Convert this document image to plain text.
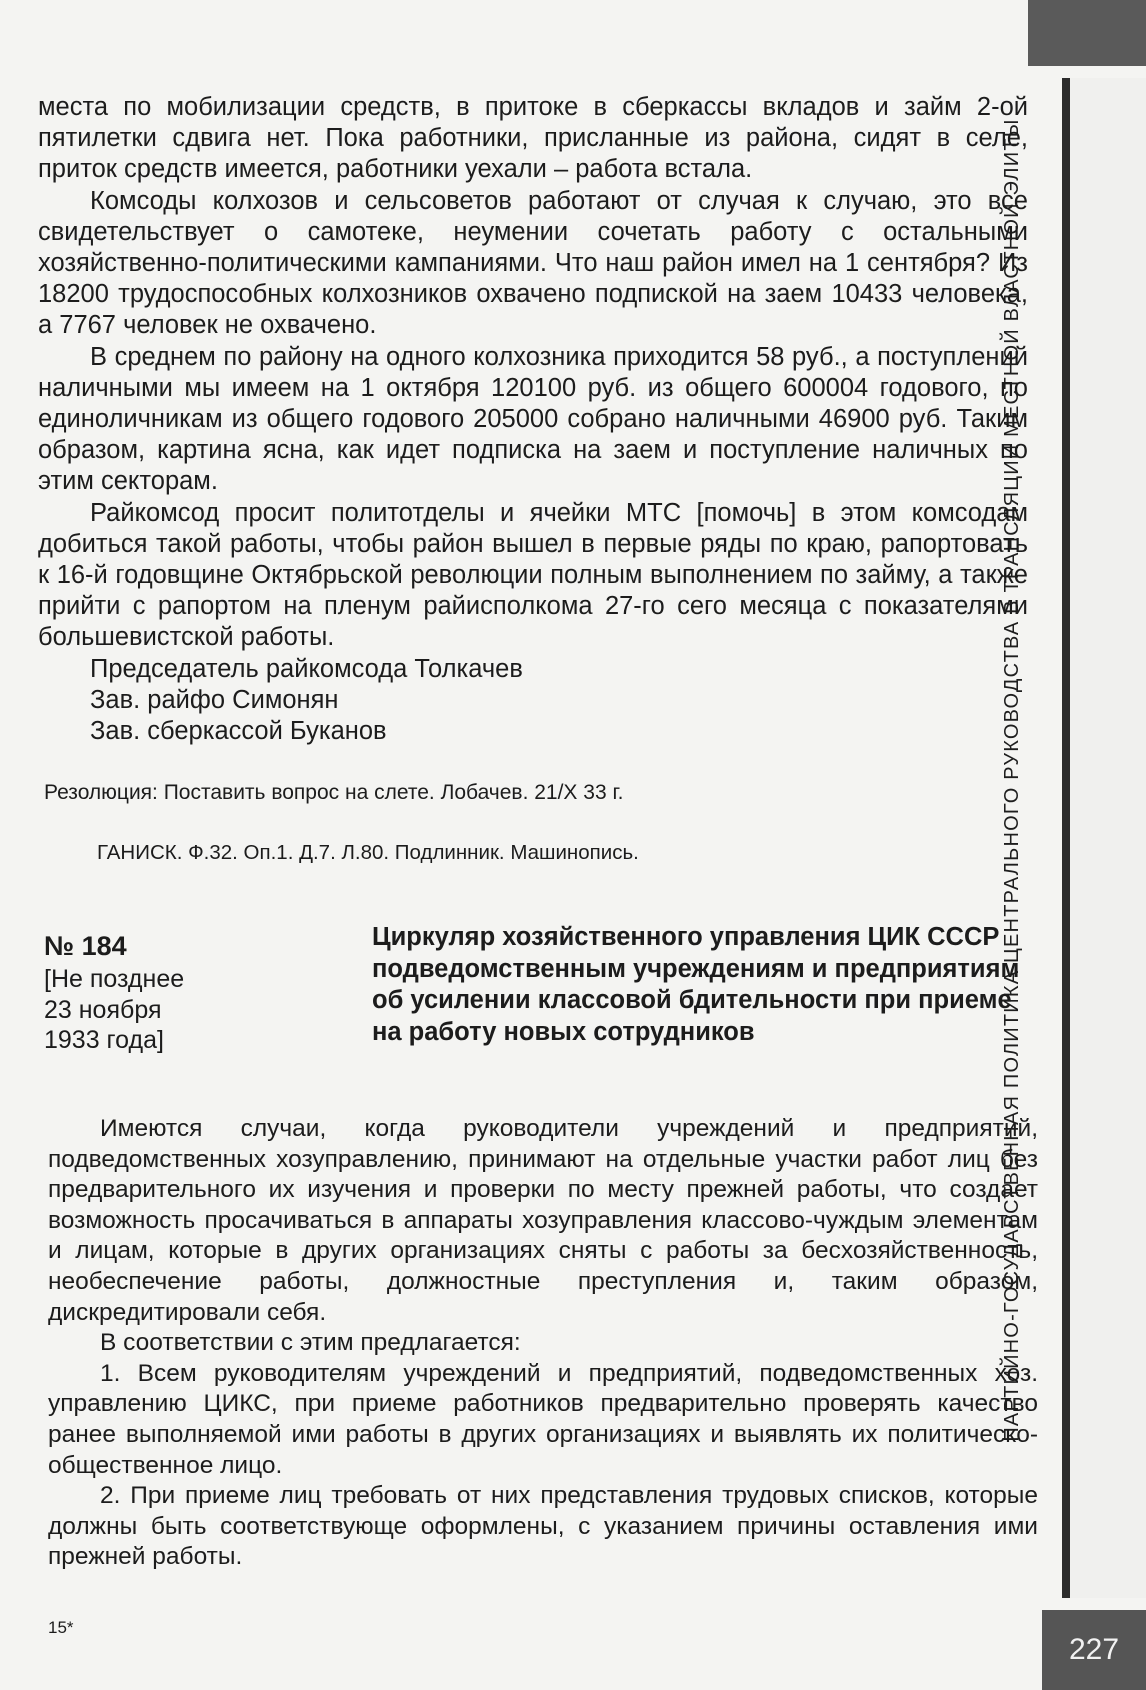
ПАРТИЙНО-ГОСУДАРСТВЕННАЯ ПОЛИТИКА ЦЕНТРАЛЬНОГО РУКОВОДСТВА В ТРАНСЛЯЦИИ МЕСТНОЙ ВЛАСТНОЙ ЭЛИТЫ
227

места по мобилизации средств, в притоке в сберкассы вкладов и займ 2-ой пятилетки сдвига нет. Пока работники, присланные из района, сидят в селе, приток средств имеется, работники уехали – работа встала.

Комсоды колхозов и сельсоветов работают от случая к случаю, это все свидетельствует о самотеке, неумении сочетать работу с остальными хозяйственно-политическими кампаниями. Что наш район имел на 1 сентября? Из 18200 трудоспособных колхозников охвачено подпиской на заем 10433 человека, а 7767 человек не охвачено.

В среднем по району на одного колхозника приходится 58 руб., а поступлений наличными мы имеем на 1 октября 120100 руб. из общего 600004 годового, по единоличникам из общего годового 205000 собрано наличными 46900 руб. Таким образом, картина ясна, как идет подписка на заем и поступление наличных по этим секторам.

Райкомсод просит политотделы и ячейки МТС [помочь] в этом комсодам добиться такой работы, чтобы район вышел в первые ряды по краю, рапортовать к 16-й годовщине Октябрьской революции полным выполнением по займу, а также прийти с рапортом на пленум райисполкома 27-го сего месяца с показателями большевистской работы.

Председатель райкомсода Толкачев

Зав. райфо Симонян

Зав. сберкассой Буканов

Резолюция: Поставить вопрос на слете. Лобачев. 21/X 33 г.
ГАНИСК. Ф.32. Оп.1. Д.7. Л.80. Подлинник. Машинопись.
№ 184
[Не позднее
23 ноября
1933 года]
Циркуляр хозяйственного управления ЦИК СССР подведомственным учреждениям и предприятиям об усилении классовой бдительности при приеме на работу новых сотрудников

Имеются случаи, когда руководители учреждений и предприятий, подведомственных хозуправлению, принимают на отдельные участки работ лиц без предварительного их изучения и проверки по месту прежней работы, что создает возможность просачиваться в аппараты хозуправления классово-чуждым элементам и лицам, которые в других организациях сняты с работы за бесхозяйственность, необеспечение работы, должностные преступления и, таким образом, дискредитировали себя.

В соответствии с этим предлагается:

1. Всем руководителям учреждений и предприятий, подведомственных хоз. управлению ЦИКС, при приеме работников предварительно проверять качество ранее выполняемой ими работы в других организациях и выявлять их политическо-общественное лицо.

2. При приеме лиц требовать от них представления трудовых списков, которые должны быть соответствующе оформлены, с указанием причины оставления ими прежней работы.

15*
